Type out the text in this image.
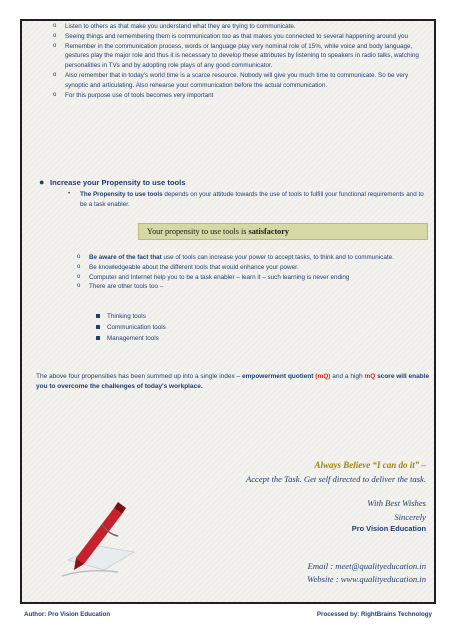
o Listen to others as that make you understand what they are trying to communicate.

o Seeing things and remembering them is communication too as that makes you connected to several happening around you

o Remember in the communication process, words or language play very nominal role of 15%, while voice and body language, gestures play the major role and thus it is necessary to develop these attributes by listening to speakers in radio talks, watching personalities in TVs and by adopting role plays of any good communicator.

o Also remember that in today's world time is a scarce resource. Nobody will give you much time to communicate. So be very synoptic and articulating. Also rehearse your communication before the actual communication.

o For this purpose use of tools becomes very important

● Increase your Propensity to use tools

• The Propensity to use tools depends on your attitude towards the use of tools to fulfill your functional requirements and to be a task enabler.

Your propensity to use tools is satisfactory

o Be aware of the fact that use of tools can increase your power to accept tasks, to think and to communicate.

o Be knowledgeable about the different tools that would enhance your power.

o Computer and Internet help you to be a task enabler – learn it – such learning is never ending

o There are other tools too –

Thinking tools
Communication tools
Management tools
The above four propensities has been summed up into a single index – empowerment quotient (mQ) and a high mQ score will enable you to overcome the challenges of today's workplace.
Always Believe “I can do it” –
Accept the Task. Get self directed to deliver the task.
With Best Wishes
Sincerely
Pro Vision Education
Email : meet@qualityeducation.in
Website : www.qualityeducation.in
Author: Pro Vision Education	Processed by: RightBrains Technology
